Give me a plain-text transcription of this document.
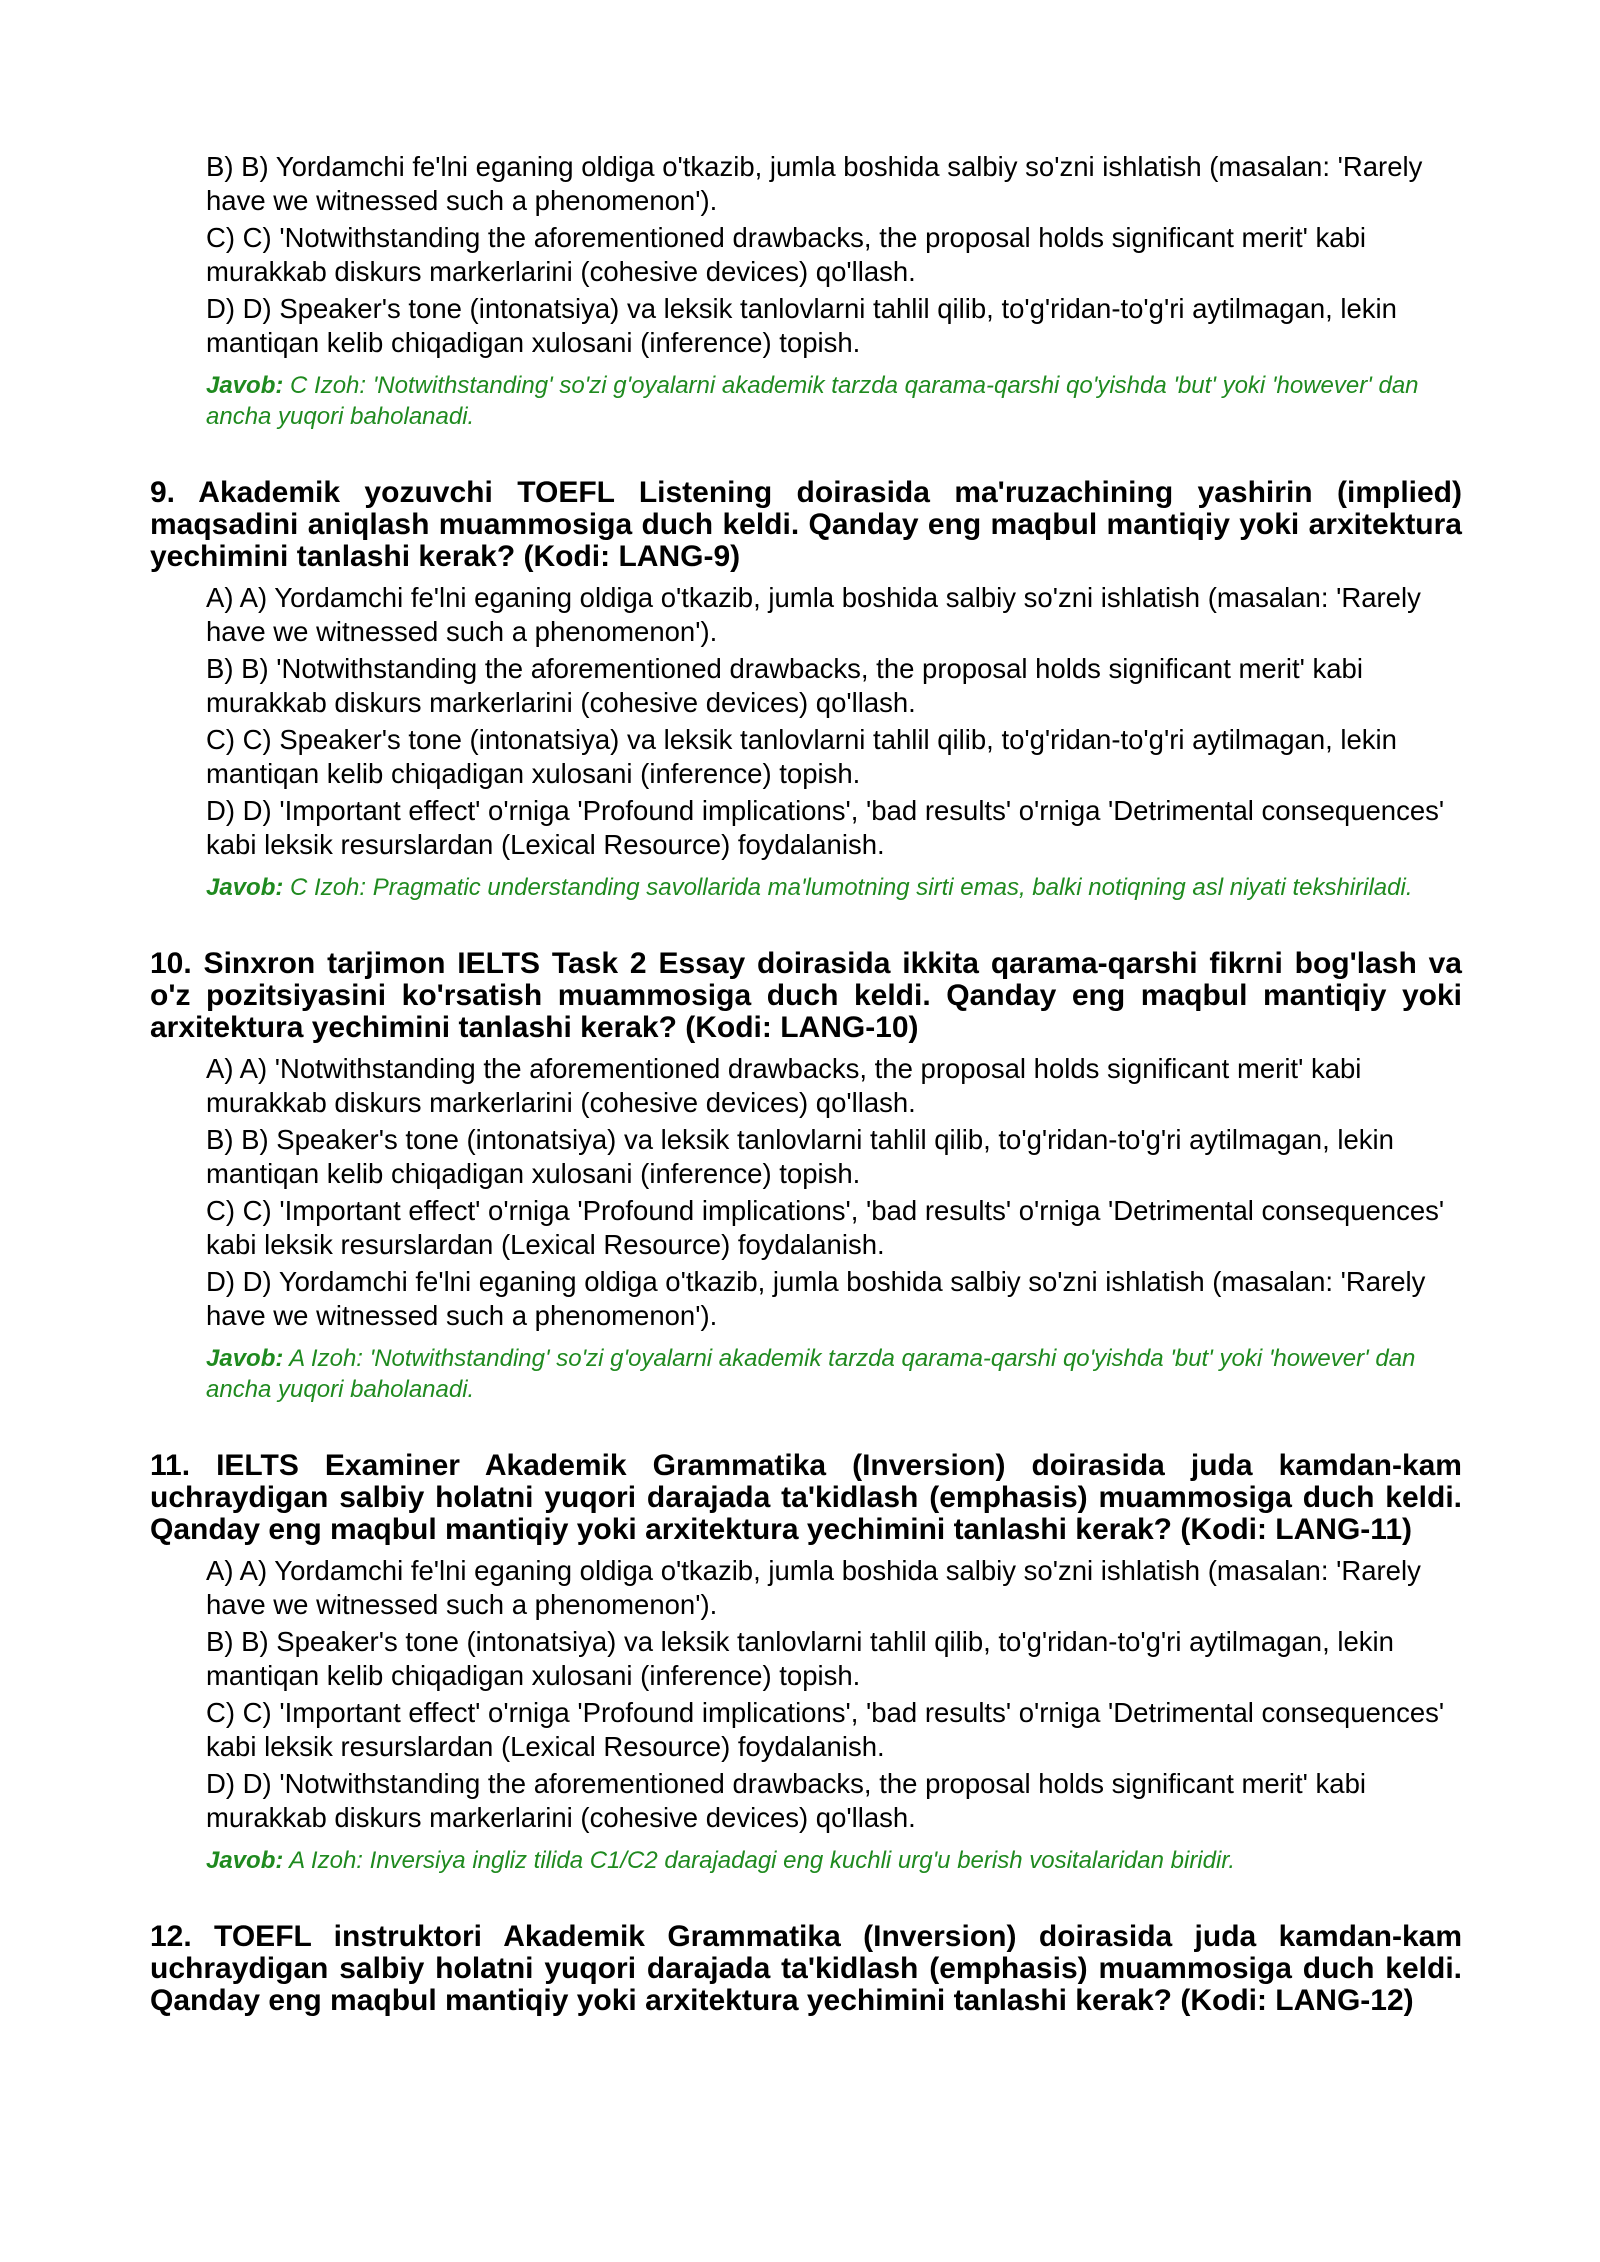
B) B) Yordamchi fe'lni eganing oldiga o'tkazib, jumla boshida salbiy so'zni ishlatish (masalan: 'Rarely have we witnessed such a phenomenon').
C) C) 'Notwithstanding the aforementioned drawbacks, the proposal holds significant merit' kabi murakkab diskurs markerlarini (cohesive devices) qo'llash.
D) D) Speaker's tone (intonatsiya) va leksik tanlovlarni tahlil qilib, to'g'ridan-to'g'ri aytilmagan, lekin mantiqan kelib chiqadigan xulosani (inference) topish.
Javob: C Izoh: 'Notwithstanding' so'zi g'oyalarni akademik tarzda qarama-qarshi qo'yishda 'but' yoki 'however' dan ancha yuqori baholanadi.
9. Akademik yozuvchi TOEFL Listening doirasida ma'ruzachining yashirin (implied) maqsadini aniqlash muammosiga duch keldi. Qanday eng maqbul mantiqiy yoki arxitektura yechimini tanlashi kerak? (Kodi: LANG-9)
A) A) Yordamchi fe'lni eganing oldiga o'tkazib, jumla boshida salbiy so'zni ishlatish (masalan: 'Rarely have we witnessed such a phenomenon').
B) B) 'Notwithstanding the aforementioned drawbacks, the proposal holds significant merit' kabi murakkab diskurs markerlarini (cohesive devices) qo'llash.
C) C) Speaker's tone (intonatsiya) va leksik tanlovlarni tahlil qilib, to'g'ridan-to'g'ri aytilmagan, lekin mantiqan kelib chiqadigan xulosani (inference) topish.
D) D) 'Important effect' o'rniga 'Profound implications', 'bad results' o'rniga 'Detrimental consequences' kabi leksik resurslardan (Lexical Resource) foydalanish.
Javob: C Izoh: Pragmatic understanding savollarida ma'lumotning sirti emas, balki notiqning asl niyati tekshiriladi.
10. Sinxron tarjimon IELTS Task 2 Essay doirasida ikkita qarama-qarshi fikrni bog'lash va o'z pozitsiyasini ko'rsatish muammosiga duch keldi. Qanday eng maqbul mantiqiy yoki arxitektura yechimini tanlashi kerak? (Kodi: LANG-10)
A) A) 'Notwithstanding the aforementioned drawbacks, the proposal holds significant merit' kabi murakkab diskurs markerlarini (cohesive devices) qo'llash.
B) B) Speaker's tone (intonatsiya) va leksik tanlovlarni tahlil qilib, to'g'ridan-to'g'ri aytilmagan, lekin mantiqan kelib chiqadigan xulosani (inference) topish.
C) C) 'Important effect' o'rniga 'Profound implications', 'bad results' o'rniga 'Detrimental consequences' kabi leksik resurslardan (Lexical Resource) foydalanish.
D) D) Yordamchi fe'lni eganing oldiga o'tkazib, jumla boshida salbiy so'zni ishlatish (masalan: 'Rarely have we witnessed such a phenomenon').
Javob: A Izoh: 'Notwithstanding' so'zi g'oyalarni akademik tarzda qarama-qarshi qo'yishda 'but' yoki 'however' dan ancha yuqori baholanadi.
11. IELTS Examiner Akademik Grammatika (Inversion) doirasida juda kamdan-kam uchraydigan salbiy holatni yuqori darajada ta'kidlash (emphasis) muammosiga duch keldi. Qanday eng maqbul mantiqiy yoki arxitektura yechimini tanlashi kerak? (Kodi: LANG-11)
A) A) Yordamchi fe'lni eganing oldiga o'tkazib, jumla boshida salbiy so'zni ishlatish (masalan: 'Rarely have we witnessed such a phenomenon').
B) B) Speaker's tone (intonatsiya) va leksik tanlovlarni tahlil qilib, to'g'ridan-to'g'ri aytilmagan, lekin mantiqan kelib chiqadigan xulosani (inference) topish.
C) C) 'Important effect' o'rniga 'Profound implications', 'bad results' o'rniga 'Detrimental consequences' kabi leksik resurslardan (Lexical Resource) foydalanish.
D) D) 'Notwithstanding the aforementioned drawbacks, the proposal holds significant merit' kabi murakkab diskurs markerlarini (cohesive devices) qo'llash.
Javob: A Izoh: Inversiya ingliz tilida C1/C2 darajadagi eng kuchli urg'u berish vositalaridan biridir.
12. TOEFL instruktori Akademik Grammatika (Inversion) doirasida juda kamdan-kam uchraydigan salbiy holatni yuqori darajada ta'kidlash (emphasis) muammosiga duch keldi. Qanday eng maqbul mantiqiy yoki arxitektura yechimini tanlashi kerak? (Kodi: LANG-12)
